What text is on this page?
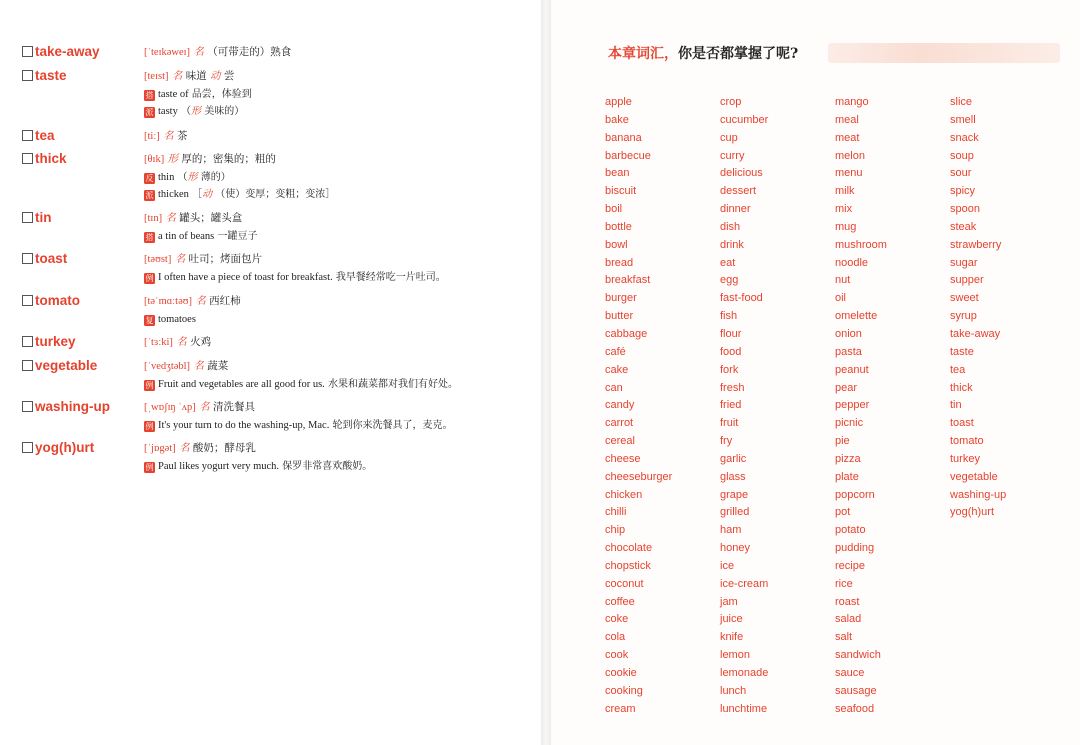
take-away	[ˈteɪkəweɪ] 名 （可带走的）熟食
taste	[teɪst] 名 味道 动 尝
搭 taste of 品尝，体验到
派 tasty （形 美味的）
tea	[tiː] 名 茶
thick	[θɪk] 形 厚的；密集的；粗的
反 thin （形 薄的）
派 thicken ［动 （使）变厚；变粗；变浓］
tin	[tɪn] 名 罐头；罐头盒
搭 a tin of beans 一罐豆子
toast	[təʊst] 名 吐司；烤面包片
例 I often have a piece of toast for breakfast. 我早餐经常吃一片吐司。
tomato	[təˈmɑːtəʊ] 名 西红柿
复 tomatoes
turkey	[ˈtɜːki] 名 火鸡
vegetable	[ˈvedʒtəbl] 名 蔬菜
例 Fruit and vegetables are all good for us. 水果和蔬菜都对我们有好处。
washing-up	[ˌwɒʃɪŋ ˈʌp] 名 清洗餐具
例 It's your turn to do the washing-up, Mac. 轮到你来洗餐具了，麦克。
yog(h)urt	[ˈjɒgət] 名 酸奶；酵母乳
例 Paul likes yogurt very much. 保罗非常喜欢酸奶。
本章词汇，你是否都掌握了呢?
apple
bake
banana
barbecue
bean
biscuit
boil
bottle
bowl
bread
breakfast
burger
butter
cabbage
café
cake
can
candy
carrot
cereal
cheese
cheeseburger
chicken
chilli
chip
chocolate
chopstick
coconut
coffee
coke
cola
cook
cookie
cooking
cream
crop
cucumber
cup
curry
delicious
dessert
dinner
dish
drink
eat
egg
fast-food
fish
flour
food
fork
fresh
fried
fruit
fry
garlic
glass
grape
grilled
ham
honey
ice
ice-cream
jam
juice
knife
lemon
lemonade
lunch
lunchtime
mango
meal
meat
melon
menu
milk
mix
mug
mushroom
noodle
nut
oil
omelette
onion
pasta
peanut
pear
pepper
picnic
pie
pizza
plate
popcorn
pot
potato
pudding
recipe
rice
roast
salad
salt
sandwich
sauce
sausage
seafood
slice
smell
snack
soup
sour
spicy
spoon
steak
strawberry
sugar
supper
sweet
syrup
take-away
taste
tea
thick
tin
toast
tomato
turkey
vegetable
washing-up
yog(h)urt
